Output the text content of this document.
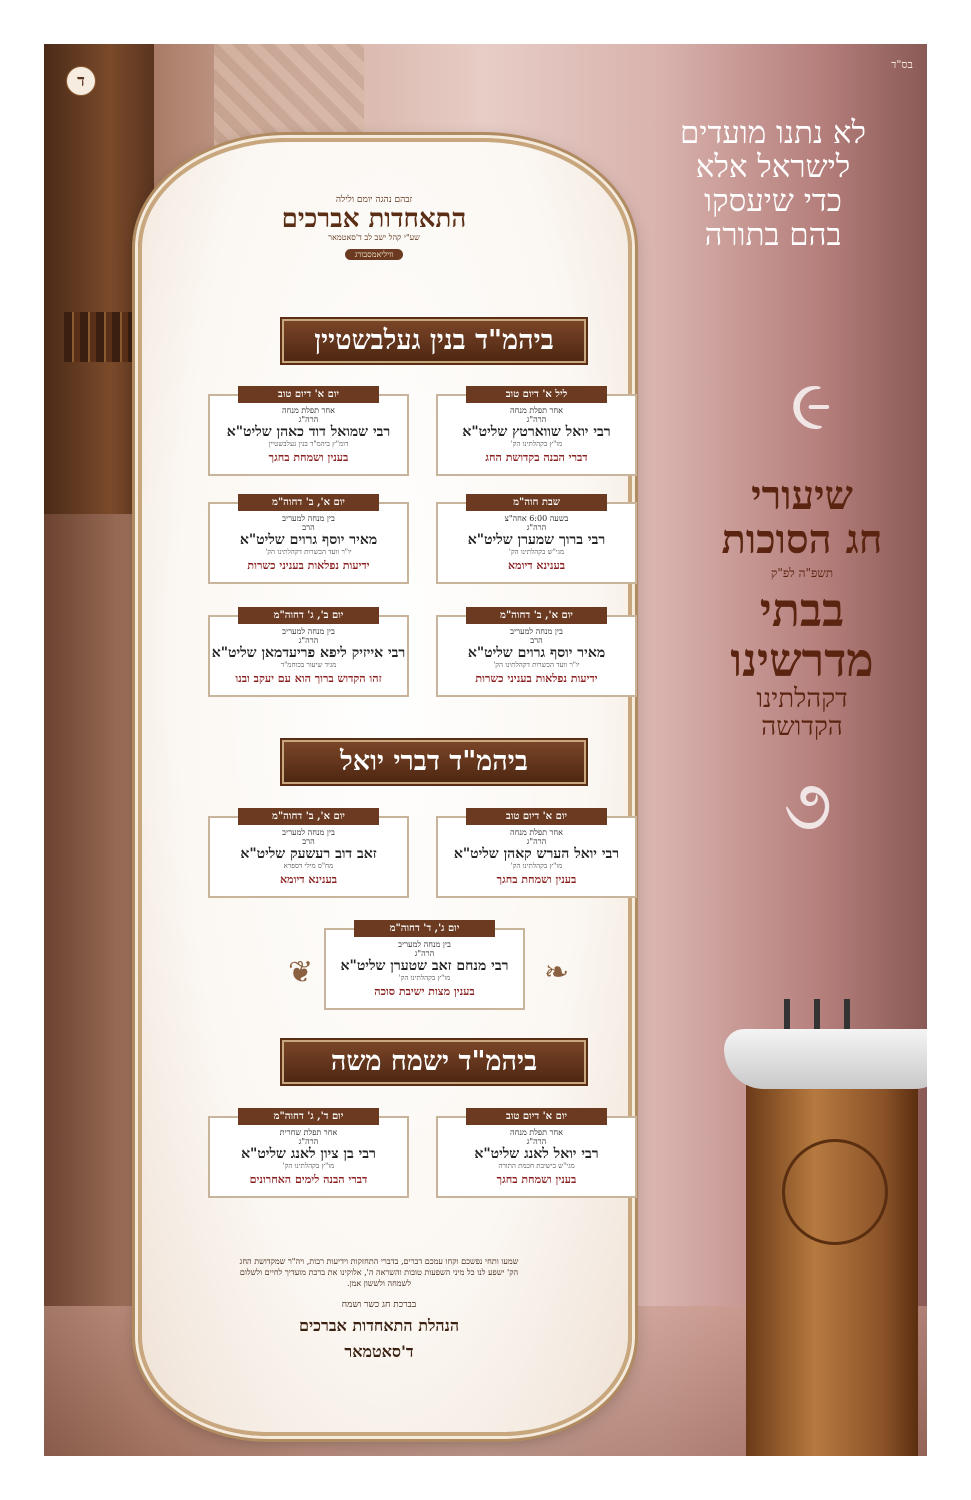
ד
בס"ד
לא נתנו מועדים
לישראל אלא
כדי שיעסקו
בהם בתורה
૯
૭
שיעורי
חג הסוכות
תשפ"ה לפ"ק
בבתי
מדרשינו
דקהלתינו
הקדושה
זבהם נהגה יומם ולילה
התאחדות אברכים
שע"י קהל ישב לב ד'סאטמאר
וויליאמסבורג
ביהמ"ד בנין געלבשטיין
ביהמ"ד דברי יואל
ביהמ"ד ישמח משה
ליל א' דיום טוב
אחר תפלת מנחה
הרה"ג
רבי יואל שווארטץ שליט"א
מו"ץ בקהלתינו הק'
דברי הבנה בקדושת החג
יום א' דיום טוב
אחר תפלת מנחה
הרה"ג
רבי שמואל דוד כאהן שליט"א
דומ"ץ ביהמ"ד בנין געלבשטיין
בענין ושמחת בחגך
שבת חוה"מ
בשעה 6:00 אחה"צ
הרה"ג
רבי ברוך שמערן שליט"א
מגי"ש בקהלתינו הק'
בענינא דיומא
יום א', ב' דחוה"מ
בין מנחה למעריב
הרב
מאיר יוסף גרוים שליט"א
יו"ר וועד הכשרות דקהלתינו הק'
ידיעות נפלאות בעניני כשרות
יום א', ב' דחוה"מ
בין מנחה למעריב
הרב
מאיר יוסף גרוים שליט"א
יו"ר וועד הכשרות דקהלתינו הק'
ידיעות נפלאות בעניני כשרות
יום ב', ג' דחוה"מ
בין מנחה למעריב
הרה"ג
רבי אייזיק ליפא פריעדמאן שליט"א
מגיד שיעור בכוחמ"ד
זהו הקדוש ברוך הוא עם יעקב ובנו
יום א' דיום טוב
אחר תפלת מנחה
הרה"ג
רבי יואל הערש קאהן שליט"א
מו"ץ בקהלתינו הק'
בענין ושמחת בחגך
יום א', ב' דחוה"מ
בין מנחה למעריב
הרב
זאב דוב רעשעק שליט"א
מח"ס מילי דספרא
בענינא דיומא
❦	❧
יום ג', ד' דחוה"מ
בין מנחה למעריב
הרה"ג
רבי מנחם זאב שטערן שליט"א
מו"ץ בקהלתינו הק'
בענין מצות ישיבת סוכה
יום א' דיום טוב
אחר תפלת מנחה
הרה"ג
רבי יואל לאנג שליט"א
מגי"ש בישיבת חכמת התורה
בענין ושמחת בחגך
יום ד', ג' דחוה"מ
אחר תפלת שחרית
הרה"ג
רבי בן ציון לאנג שליט"א
מו"ץ בקהלתינו הק'
דברי הבנה לימים האחרונים
שמעו ותחי נפשכם וקחו עמכם דברים, בדברי התחזקות וידיעות רבות, ויה"ר שמקדושת החג הק' ישפע לנו כל מיני השפעות טובות והשראה ה', אלוקינו את ברכת מועדיך לחיים ולשלום לשמחה ולששון אמן.
בברכת חג כשר ושמח
הנהלת התאחדות אברכים
ד'סאטמאר
